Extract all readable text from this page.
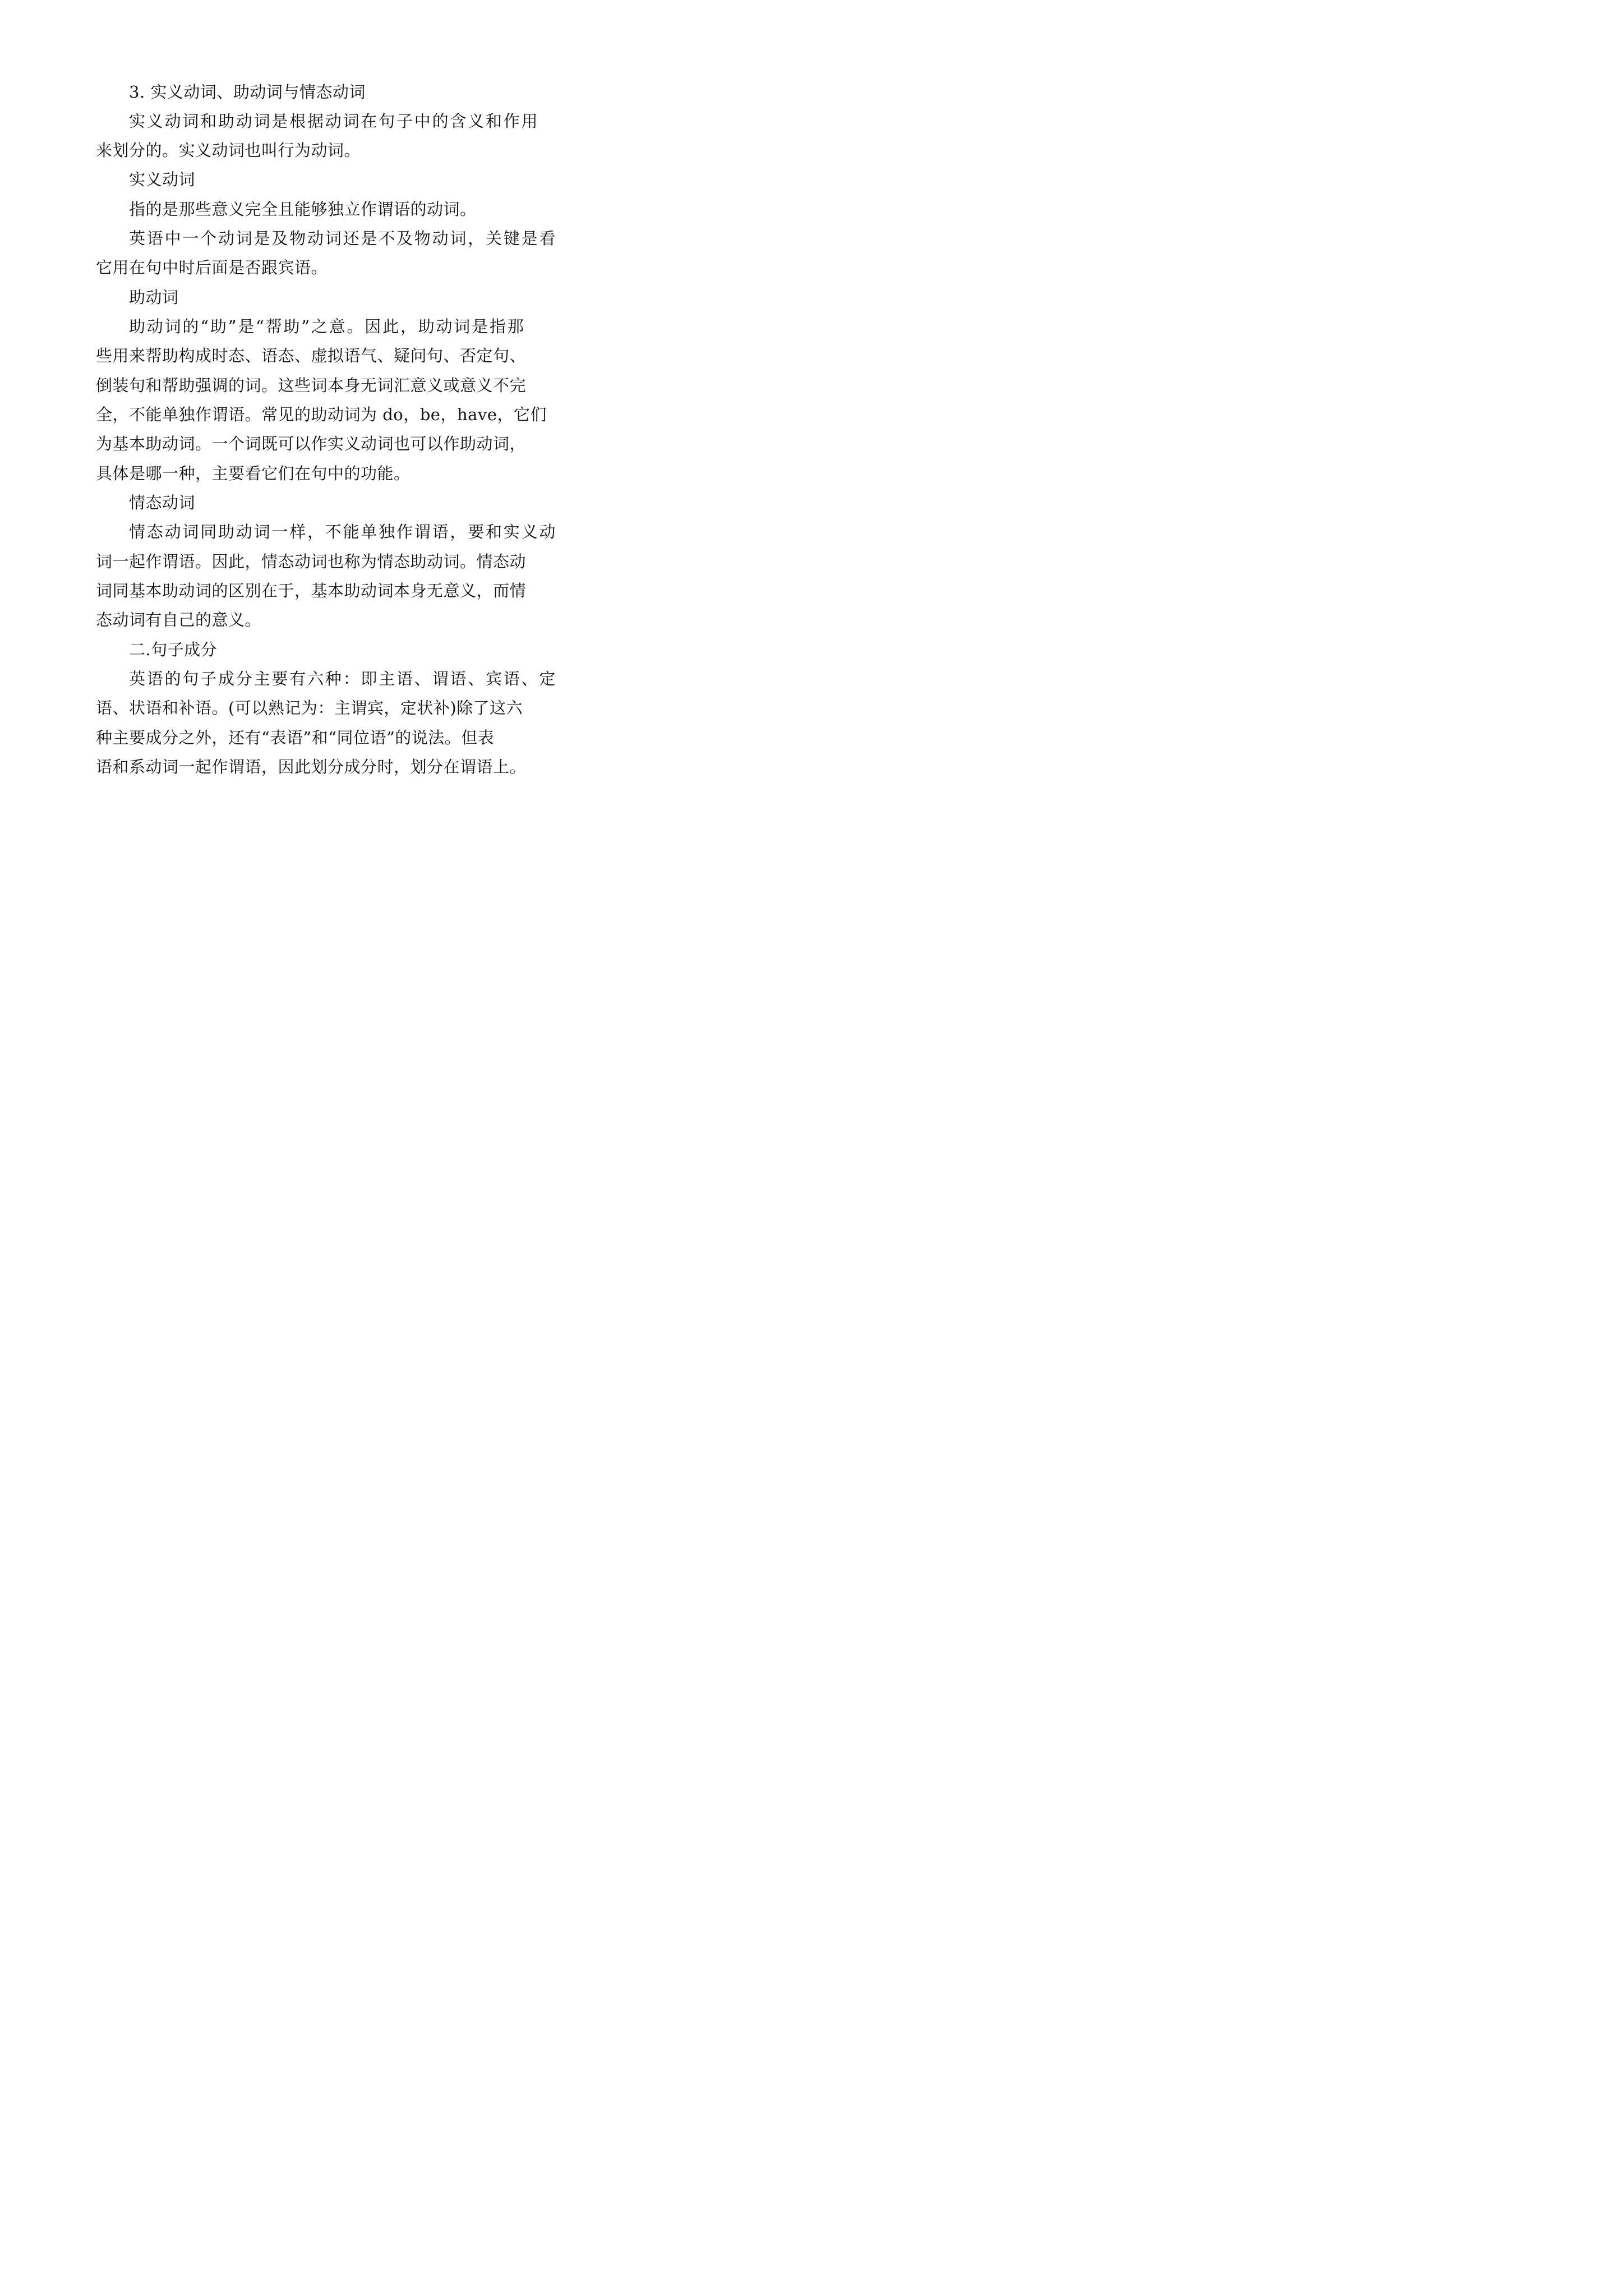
3. 实义动词、助动词与情态动词
实义动词和助动词是根据动词在句子中的含义和作用
来划分的。实义动词也叫行为动词。
实义动词
指的是那些意义完全且能够独立作谓语的动词。
英语中一个动词是及物动词还是不及物动词，关键是看
它用在句中时后面是否跟宾语。
助动词
助动词的“助”是“帮助”之意。因此，助动词是指那
些用来帮助构成时态、语态、虚拟语气、疑问句、否定句、
倒装句和帮助强调的词。这些词本身无词汇意义或意义不完
全，不能单独作谓语。常见的助动词为 do，be，have，它们
为基本助动词。一个词既可以作实义动词也可以作助动词，
具体是哪一种，主要看它们在句中的功能。
情态动词
情态动词同助动词一样，不能单独作谓语，要和实义动
词一起作谓语。因此，情态动词也称为情态助动词。情态动
词同基本助动词的区别在于，基本助动词本身无意义，而情
态动词有自己的意义。
二.句子成分
英语的句子成分主要有六种：即主语、谓语、宾语、定
语、状语和补语。(可以熟记为：主谓宾，定状补)除了这六
种主要成分之外，还有“表语”和“同位语”的说法。但表
语和系动词一起作谓语，因此划分成分时，划分在谓语上。
